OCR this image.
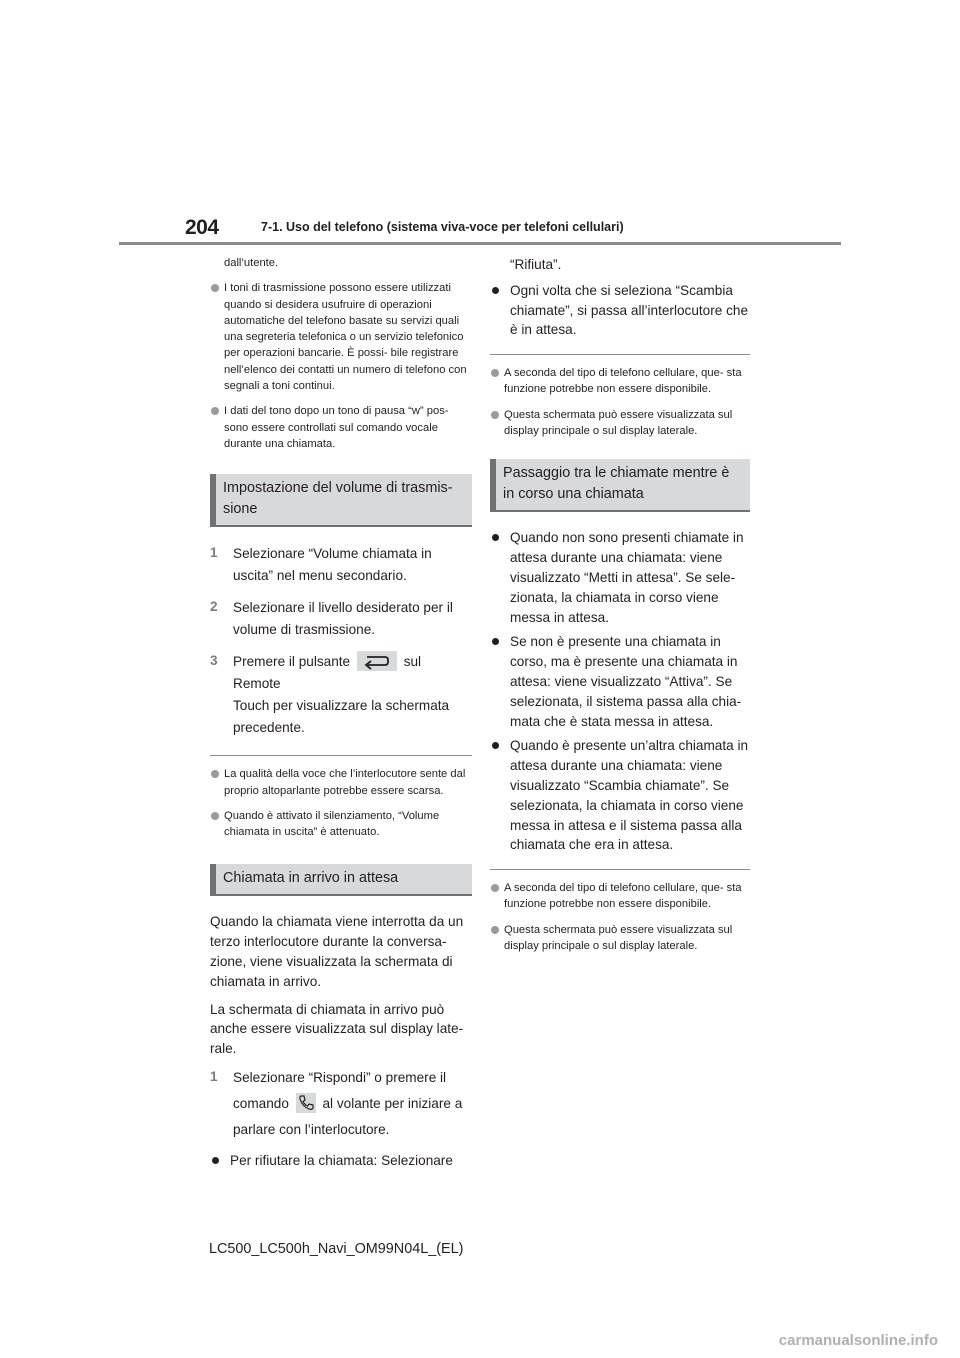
204	7-1. Uso del telefono (sistema viva-voce per telefoni cellulari)
dall’utente.
I toni di trasmissione possono essere utilizzati quando si desidera usufruire di operazioni automatiche del telefono basate su servizi quali una segreteria telefonica o un servizio telefonico per operazioni bancarie. È possi- bile registrare nell’elenco dei contatti un numero di telefono con segnali a toni continui.
I dati del tono dopo un tono di pausa “w” pos- sono essere controllati sul comando vocale durante una chiamata.
Impostazione del volume di trasmis- sione
1 Selezionare “Volume chiamata in
uscita” nel menu secondario.
2 Selezionare il livello desiderato per il
volume di trasmissione.
3 Premere il pulsante	sul Remote
Touch per visualizzare la schermata
precedente.
La qualità della voce che l’interlocutore sente dal proprio altoparlante potrebbe essere scarsa.
Quando è attivato il silenziamento, “Volume chiamata in uscita” è attenuato.
Chiamata in arrivo in attesa
Quando la chiamata viene interrotta da un terzo interlocutore durante la conversa- zione, viene visualizzata la schermata di chiamata in arrivo.
La schermata di chiamata in arrivo può anche essere visualizzata sul display late- rale.
1 Selezionare “Rispondi” o premere il
comando al volante per iniziare a
parlare con l’interlocutore.
Per rifiutare la chiamata: Selezionare
“Rifiuta”.
Ogni volta che si seleziona “Scambia chiamate”, si passa all’interlocutore che è in attesa.
A seconda del tipo di telefono cellulare, que- sta funzione potrebbe non essere disponibile.
Questa schermata può essere visualizzata sul display principale o sul display laterale.
Passaggio tra le chiamate mentre è in corso una chiamata
Quando non sono presenti chiamate in attesa durante una chiamata: viene visualizzato “Metti in attesa”. Se sele- zionata, la chiamata in corso viene messa in attesa.
Se non è presente una chiamata in corso, ma è presente una chiamata in attesa: viene visualizzato “Attiva”. Se selezionata, il sistema passa alla chia- mata che è stata messa in attesa.
Quando è presente un’altra chiamata in attesa durante una chiamata: viene visualizzato “Scambia chiamate”. Se selezionata, la chiamata in corso viene messa in attesa e il sistema passa alla chiamata che era in attesa.
A seconda del tipo di telefono cellulare, que- sta funzione potrebbe non essere disponibile.
Questa schermata può essere visualizzata sul display principale o sul display laterale.
LC500_LC500h_Navi_OM99N04L_(EL)
carmanualsonline.info
